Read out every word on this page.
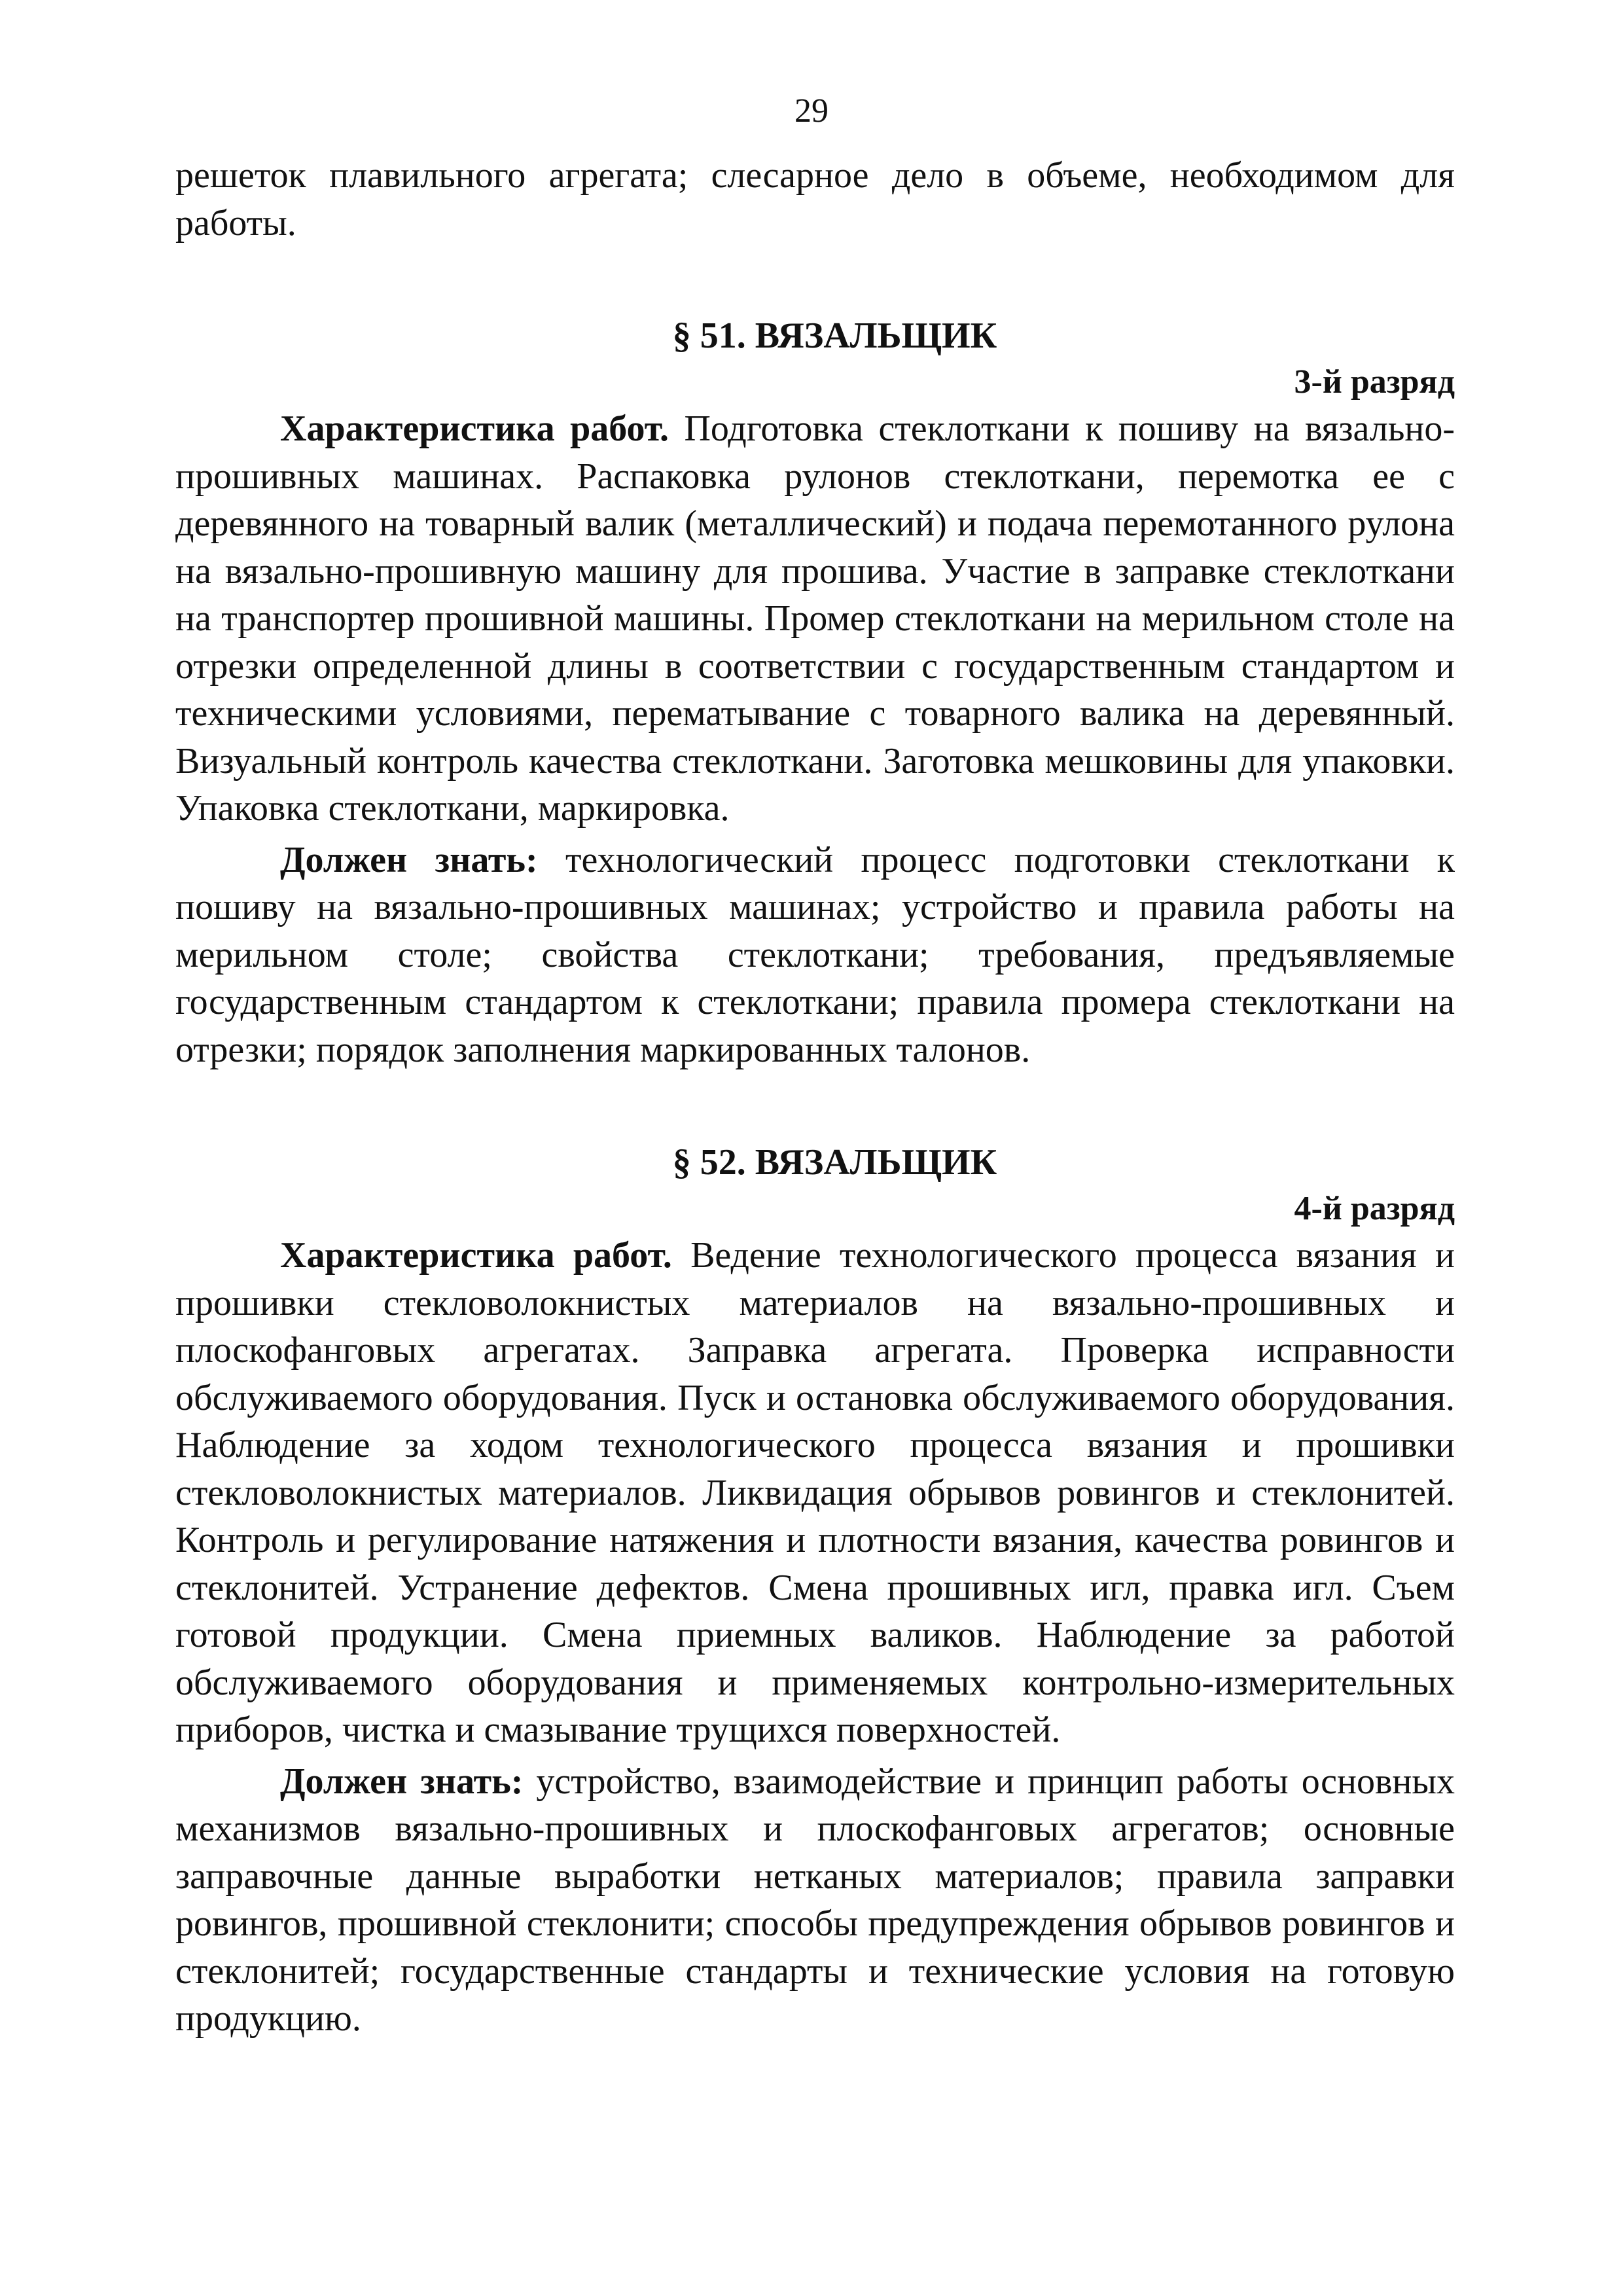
29

решеток плавильного агрегата; слесарное дело в объеме, необходимом для работы.

§ 51. ВЯЗАЛЬЩИК
3-й разряд

Характеристика работ. Подготовка стеклоткани к пошиву на вязально-прошивных машинах. Распаковка рулонов стеклоткани, перемотка ее с деревянного на товарный валик (металлический) и подача перемотанного рулона на вязально-прошивную машину для прошива. Участие в заправке стеклоткани на транспортер прошивной машины. Промер стеклоткани на мерильном столе на отрезки определенной длины в соответствии с государственным стандартом и техническими условиями, перематывание с товарного валика на деревянный. Визуальный контроль качества стеклоткани. Заготовка мешковины для упаковки. Упаковка стеклоткани, маркировка.

Должен знать: технологический процесс подготовки стеклоткани к пошиву на вязально-прошивных машинах; устройство и правила работы на мерильном столе; свойства стеклоткани; требования, предъявляемые государственным стандартом к стеклоткани; правила промера стеклоткани на отрезки; порядок заполнения маркированных талонов.

§ 52. ВЯЗАЛЬЩИК
4-й разряд

Характеристика работ. Ведение технологического процесса вязания и прошивки стекловолокнистых материалов на вязально-прошивных и плоскофанговых агрегатах. Заправка агрегата. Проверка исправности обслуживаемого оборудования. Пуск и остановка обслуживаемого оборудования. Наблюдение за ходом технологического процесса вязания и прошивки стекловолокнистых материалов. Ликвидация обрывов ровингов и стеклонитей. Контроль и регулирование натяжения и плотности вязания, качества ровингов и стеклонитей. Устранение дефектов. Смена прошивных игл, правка игл. Съем готовой продукции. Смена приемных валиков. Наблюдение за работой обслуживаемого оборудования и применяемых контрольно-измерительных приборов, чистка и смазывание трущихся поверхностей.

Должен знать: устройство, взаимодействие и принцип работы основных механизмов вязально-прошивных и плоскофанговых агрегатов; основные заправочные данные выработки нетканых материалов; правила заправки ровингов, прошивной стеклонити; способы предупреждения обрывов ровингов и стеклонитей; государственные стандарты и технические условия на готовую продукцию.
